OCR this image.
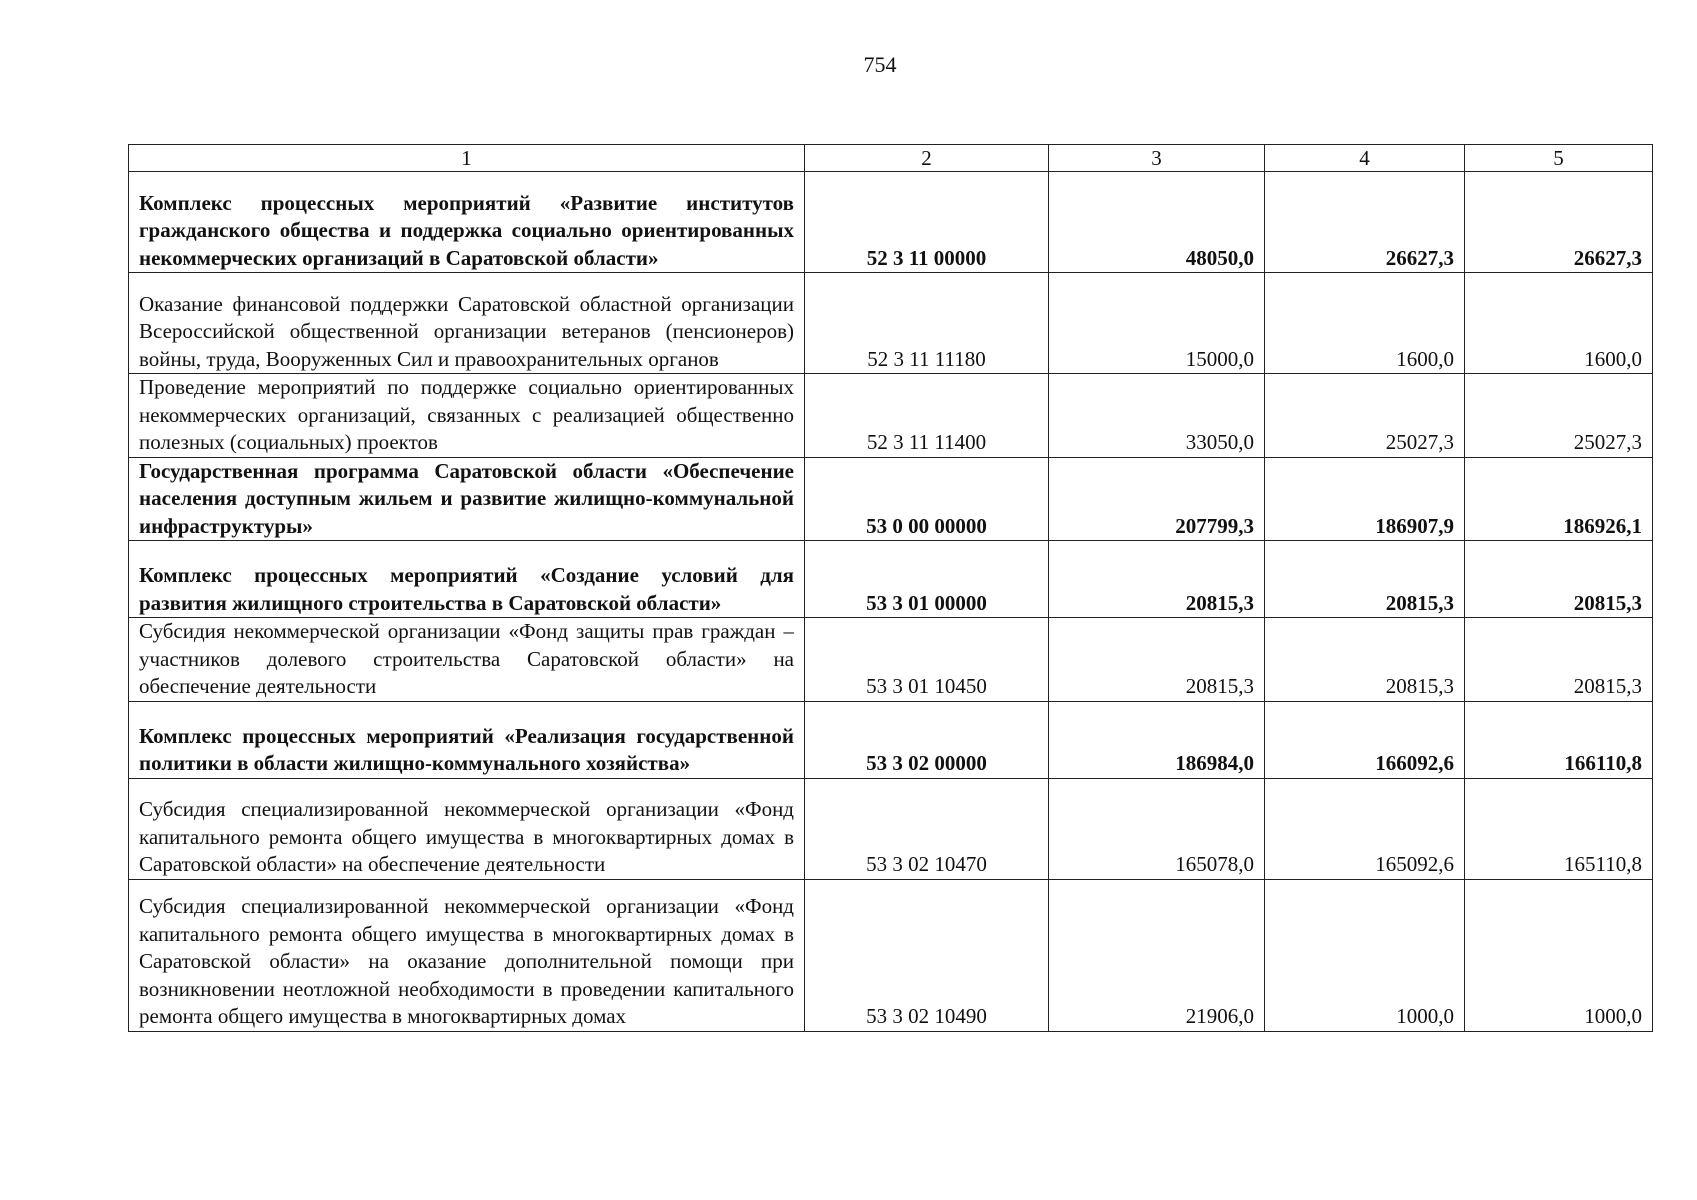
754
1	2	3	4	5
Комплекс процессных мероприятий «Развитие институтов гражданского общества и поддержка социально ориентированных некоммерческих организаций в Саратовской области»	52 3 11 00000	48050,0	26627,3	26627,3
Оказание финансовой поддержки Саратовской областной организации Всероссийской общественной организации ветеранов (пенсионеров) войны, труда, Вооруженных Сил и правоохранительных органов	52 3 11 11180	15000,0	1600,0	1600,0
Проведение мероприятий по поддержке социально ориентированных некоммерческих организаций, связанных с реализацией общественно полезных (социальных) проектов	52 3 11 11400	33050,0	25027,3	25027,3
Государственная программа Саратовской области «Обеспечение населения доступным жильем и развитие жилищно-коммунальной инфраструктуры»	53 0 00 00000	207799,3	186907,9	186926,1
Комплекс процессных мероприятий «Создание условий для развития жилищного строительства в Саратовской области»	53 3 01 00000	20815,3	20815,3	20815,3
Субсидия некоммерческой организации «Фонд защиты прав граждан – участников долевого строительства Саратовской области» на обеспечение деятельности	53 3 01 10450	20815,3	20815,3	20815,3
Комплекс процессных мероприятий «Реализация государственной политики в области жилищно-коммунального хозяйства»	53 3 02 00000	186984,0	166092,6	166110,8
Субсидия специализированной некоммерческой организации «Фонд капитального ремонта общего имущества в многоквартирных домах в Саратовской области» на обеспечение деятельности	53 3 02 10470	165078,0	165092,6	165110,8
Субсидия специализированной некоммерческой организации «Фонд капитального ремонта общего имущества в многоквартирных домах в Саратовской области» на оказание дополнительной помощи при возникновении неотложной необходимости в проведении капитального ремонта общего имущества в многоквартирных домах	53 3 02 10490	21906,0	1000,0	1000,0
